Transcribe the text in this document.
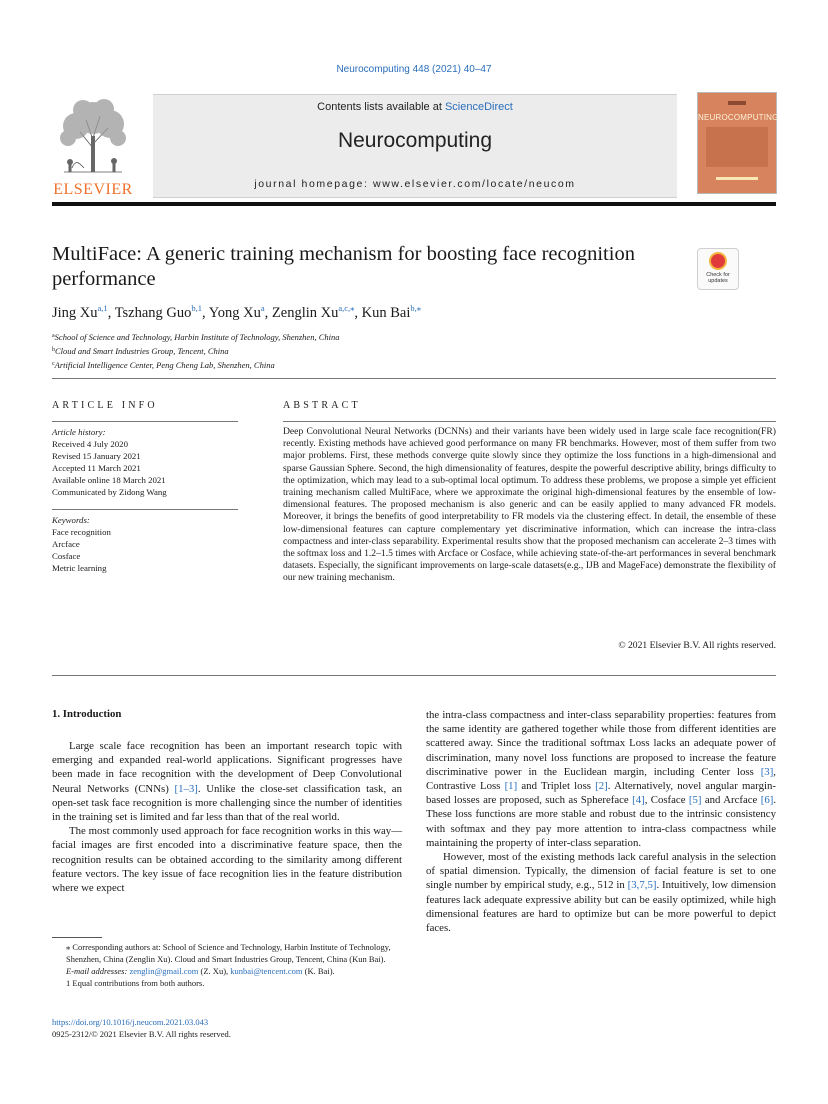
Neurocomputing 448 (2021) 40–47
ELSEVIER
Contents lists available at ScienceDirect
Neurocomputing
journal homepage: www.elsevier.com/locate/neucom
NEUROCOMPUTING
MultiFace: A generic training mechanism for boosting face recognition performance	Check for
updates
Jing Xu$^{a,1}$, Tszhang Guo$^{b,1}$, Yong Xu$^a$, Zenglin $Xu^{a,c,⁎}$, Kun Bai$^{b,⁎}$
$^a$School of Science and Technology, Harbin Institute of Technology, Shenzhen, China
$^b$Cloud and Smart Industries Group, Tencent, China
$^c$Artificial Intelligence Center, Peng Cheng Lab, Shenzhen, China
ARTICLE INFO
Article history:
Received 4 July 2020
Revised 15 January 2021
Accepted 11 March 2021
Available online 18 March 2021
Communicated by Zidong Wang
Keywords:
Face recognition
Arcface
Cosface
Metric learning
ABSTRACT
Deep Convolutional Neural Networks (DCNNs) and their variants have been widely used in large scale face recognition(FR) recently. Existing methods have achieved good performance on many FR benchmarks. However, most of them suffer from two major problems. First, these methods converge quite slowly since they optimize the loss functions in a high-dimensional and sparse Gaussian Sphere. Second, the high dimensionality of features, despite the powerful descriptive ability, brings difficulty to the optimization, which may lead to a sub-optimal local optimum. To address these problems, we propose a simple yet efficient training mechanism called MultiFace, where we approximate the original high-dimensional features by the ensemble of low-dimensional features. The proposed mechanism is also generic and can be easily applied to many advanced FR models. Moreover, it brings the benefits of good interpretability to FR models via the clustering effect. In detail, the ensemble of these low-dimensional features can capture complementary yet discriminative information, which can increase the intra-class compactness and inter-class separability. Experimental results show that the proposed mechanism can accelerate 2–3 times with the softmax loss and 1.2–1.5 times with Arcface or Cosface, while achieving state-of-the-art performances in several benchmark datasets. Especially, the significant improvements on large-scale datasets(e.g., IJB and MageFace) demonstrate the flexibility of our new training mechanism.
© 2021 Elsevier B.V. All rights reserved.
1. Introduction

Large scale face recognition has been an important research topic with emerging and expanded real-world applications. Significant progresses have been made in face recognition with the development of Deep Convolutional Neural Networks (CNNs) [1–3]. Unlike the close-set classification task, an open-set task face recognition is more challenging since the number of identities in the training set is limited and far less than that of the real world.

The most commonly used approach for face recognition works in this way—facial images are first encoded into a discriminative feature space, then the recognition results can be obtained according to the similarity among different feature vectors. The key issue of face recognition lies in the feature distribution where we expect

the intra-class compactness and inter-class separability properties: features from the same identity are gathered together while those from different identities are scattered away. Since the traditional softmax Loss lacks an adequate power of discrimination, many novel loss functions are proposed to increase the feature discriminative power in the Euclidean margin, including Center loss [3], Contrastive Loss [1] and Triplet loss [2]. Alternatively, novel angular margin-based losses are proposed, such as Sphereface [4], Cosface [5] and Arcface [6]. These loss functions are more stable and robust due to the intrinsic consistency with softmax and they pay more attention to intra-class compactness while maintaining the property of inter-class separation.

However, most of the existing methods lack careful analysis in the selection of spatial dimension. Typically, the dimension of facial feature is set to one single number by empirical study, e.g., 512 in [3,7,5]. Intuitively, low dimension features lack adequate expressive ability but can be easily optimized, while high dimensional features are hard to optimize but can be more powerful to depict faces.

⁎ Corresponding authors at: School of Science and Technology, Harbin Institute of Technology, Shenzhen, China (Zenglin Xu). Cloud and Smart Industries Group, Tencent, China (Kun Bai).

E-mail addresses: zenglin@gmail.com (Z. Xu), kunbai@tencent.com (K. Bai).

1 Equal contributions from both authors.

https://doi.org/10.1016/j.neucom.2021.03.043
0925-2312/© 2021 Elsevier B.V. All rights reserved.
